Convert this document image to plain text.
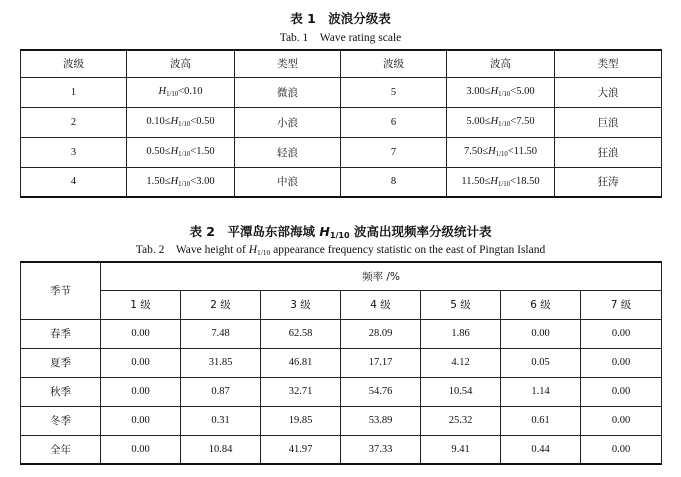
表 1　波浪分级表
Tab. 1　Wave rating scale
波级	波高	类型	波级	波高	类型
1	$H_{1/10}<0.10$	微浪	5	$3.00\le H_{1/10}<5.00$	大浪
2	$0.10\le H_{1/10}<0.50$	小浪	6	$5.00\le H_{1/10}<7.50$	巨浪
3	$0.50\le H_{1/10}<1.50$	轻浪	7	$7.50\le H_{1/10}<11.50$	狂浪
4	$1.50\le H_{1/10}<3.00$	中浪	8	$11.50\le H_{1/10}<18.50$	狂涛
表 2　平潭岛东部海域 $H_{1/10}$ 波高出现频率分级统计表
Tab. 2　Wave height of $H_{1/10}$ appearance frequency statistic on the east of Pingtan Island
季节	频率 /%						
	1 级	2 级	3 级	4 级	5 级	6 级	7 级
春季	0.00	7.48	62.58	28.09	1.86	0.00	0.00
夏季	0.00	31.85	46.81	17.17	4.12	0.05	0.00
秋季	0.00	0.87	32.71	54.76	10.54	1.14	0.00
冬季	0.00	0.31	19.85	53.89	25.32	0.61	0.00
全年	0.00	10.84	41.97	37.33	9.41	0.44	0.00
